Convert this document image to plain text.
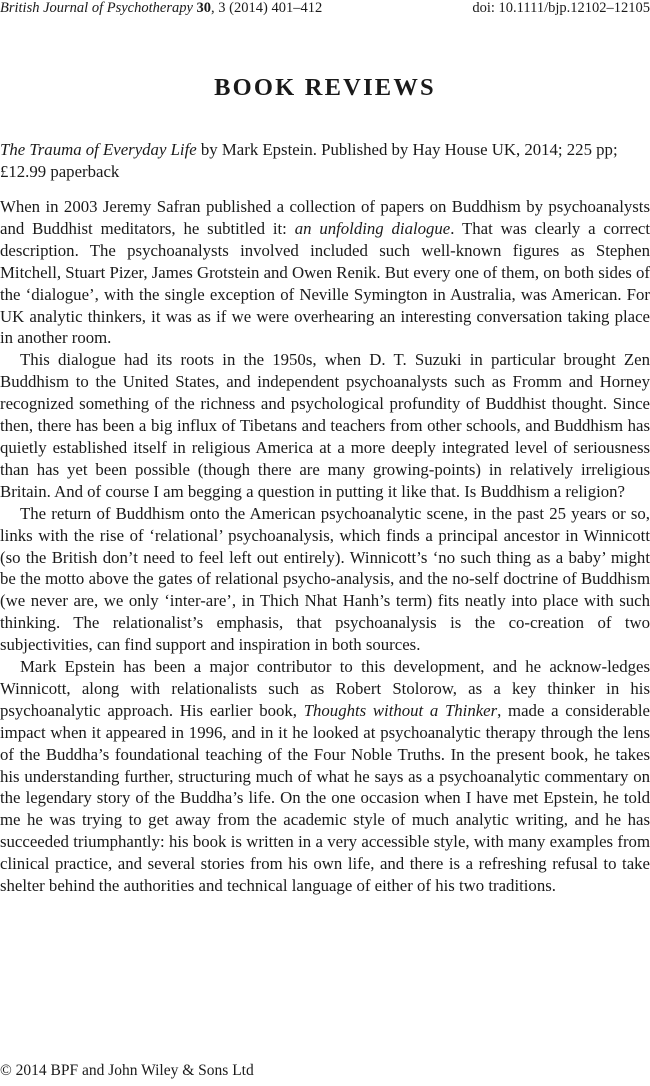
British Journal of Psychotherapy 30, 3 (2014) 401–412	doi: 10.1111/bjp.12102–12105
BOOK REVIEWS
The Trauma of Everyday Life by Mark Epstein. Published by Hay House UK, 2014; 225 pp; £12.99 paperback

When in 2003 Jeremy Safran published a collection of papers on Buddhism by psychoanalysts and Buddhist meditators, he subtitled it: an unfolding dialogue. That was clearly a correct description. The psychoanalysts involved included such well-known figures as Stephen Mitchell, Stuart Pizer, James Grotstein and Owen Renik. But every one of them, on both sides of the ‘dialogue’, with the single exception of Neville Symington in Australia, was American. For UK analytic thinkers, it was as if we were overhearing an interesting conversation taking place in another room.

This dialogue had its roots in the 1950s, when D. T. Suzuki in particular brought Zen Buddhism to the United States, and independent psychoanalysts such as Fromm and Horney recognized something of the richness and psychological profundity of Buddhist thought. Since then, there has been a big influx of Tibetans and teachers from other schools, and Buddhism has quietly established itself in religious America at a more deeply integrated level of seriousness than has yet been possible (though there are many growing-points) in relatively irreligious Britain. And of course I am begging a question in putting it like that. Is Buddhism a religion?

The return of Buddhism onto the American psychoanalytic scene, in the past 25 years or so, links with the rise of ‘relational’ psychoanalysis, which finds a principal ancestor in Winnicott (so the British don’t need to feel left out entirely). Winnicott’s ‘no such thing as a baby’ might be the motto above the gates of relational psycho-analysis, and the no-self doctrine of Buddhism (we never are, we only ‘inter-are’, in Thich Nhat Hanh’s term) fits neatly into place with such thinking. The relationalist’s emphasis, that psychoanalysis is the co-creation of two subjectivities, can find support and inspiration in both sources.

Mark Epstein has been a major contributor to this development, and he acknow-ledges Winnicott, along with relationalists such as Robert Stolorow, as a key thinker in his psychoanalytic approach. His earlier book, Thoughts without a Thinker, made a considerable impact when it appeared in 1996, and in it he looked at psychoanalytic therapy through the lens of the Buddha’s foundational teaching of the Four Noble Truths. In the present book, he takes his understanding further, structuring much of what he says as a psychoanalytic commentary on the legendary story of the Buddha’s life. On the one occasion when I have met Epstein, he told me he was trying to get away from the academic style of much analytic writing, and he has succeeded triumphantly: his book is written in a very accessible style, with many examples from clinical practice, and several stories from his own life, and there is a refreshing refusal to take shelter behind the authorities and technical language of either of his two traditions.

© 2014 BPF and John Wiley & Sons Ltd
